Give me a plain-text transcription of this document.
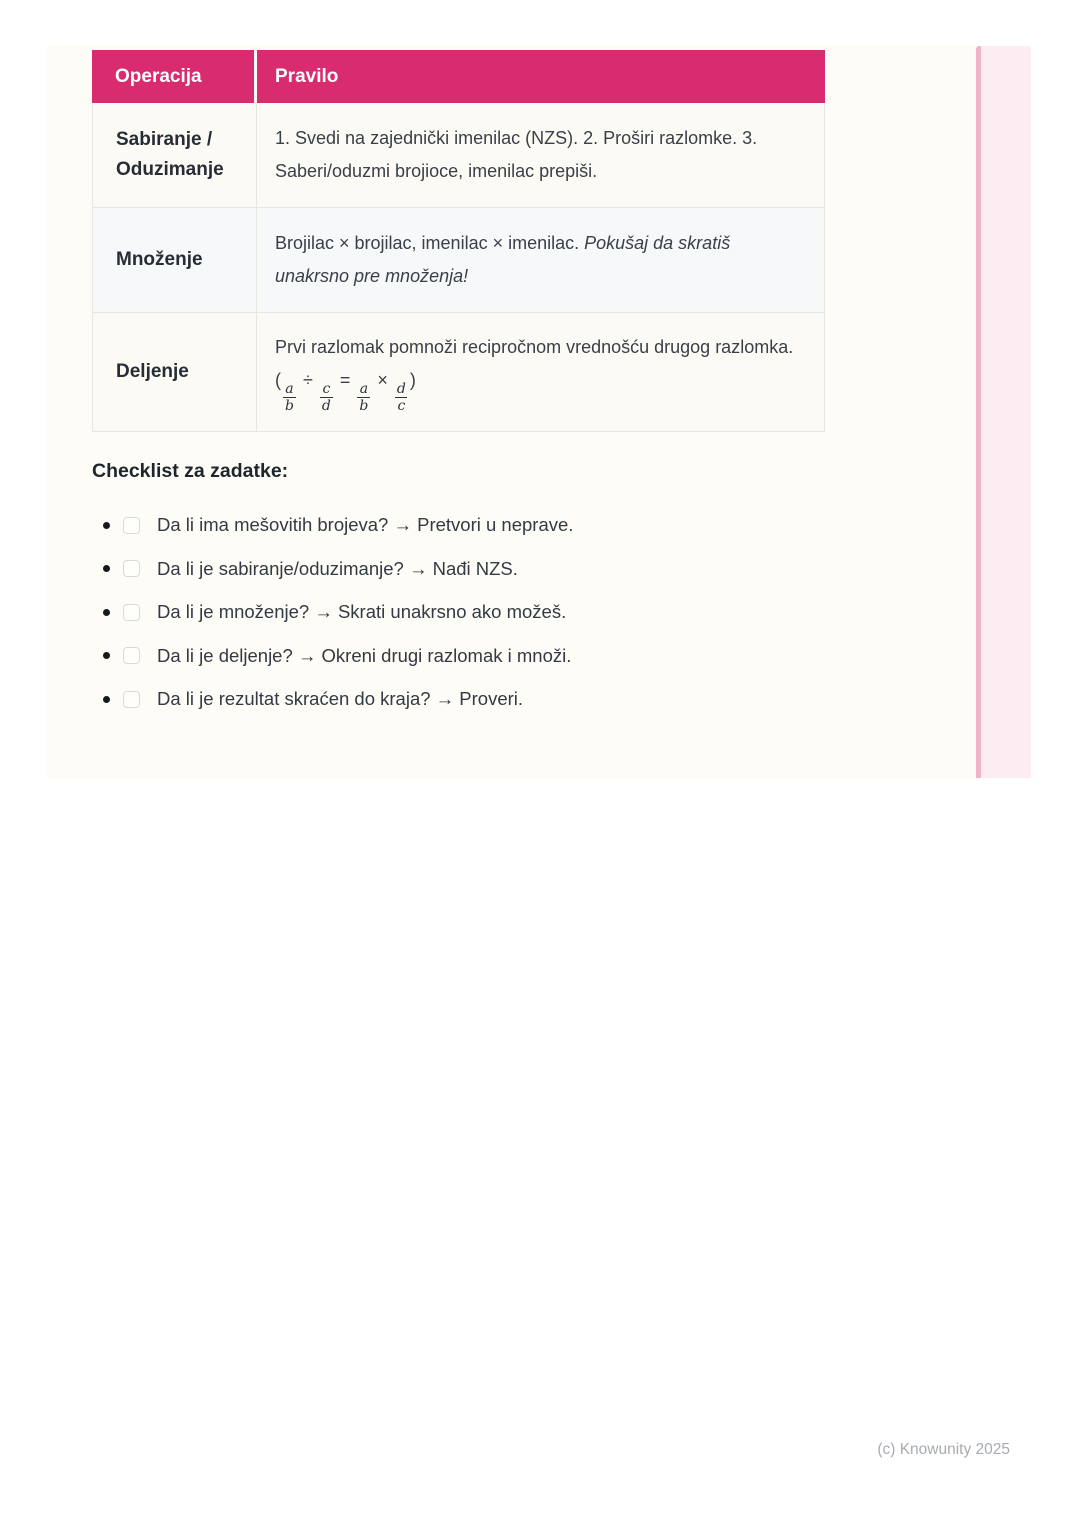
Operacija	Pravilo
Sabiranje / Oduzimanje
1. Svedi na zajednički imenilac (NZS). 2. Proširi razlomke. 3. Saberi/oduzmi brojioce, imenilac prepiši.
Množenje
Brojilac × brojilac, imenilac × imenilac. Pokušaj da skratiš unakrsno pre množenja!
Deljenje
Prvi razlomak pomnoži recipročnom vrednošću drugog razlomka. (
$\frac{a}{b}$
÷
$\frac{c}{d}$
=
$\frac{a}{b}$
×
$\frac{d}{c}$
)
Checklist za zadatke:
Da li ima mešovitih brojeva? → Pretvori u neprave.
Da li je sabiranje/oduzimanje? → Nađi NZS.
Da li je množenje? → Skrati unakrsno ako možeš.
Da li je deljenje? → Okreni drugi razlomak i množi.
Da li je rezultat skraćen do kraja? → Proveri.
(c) Knowunity 2025
